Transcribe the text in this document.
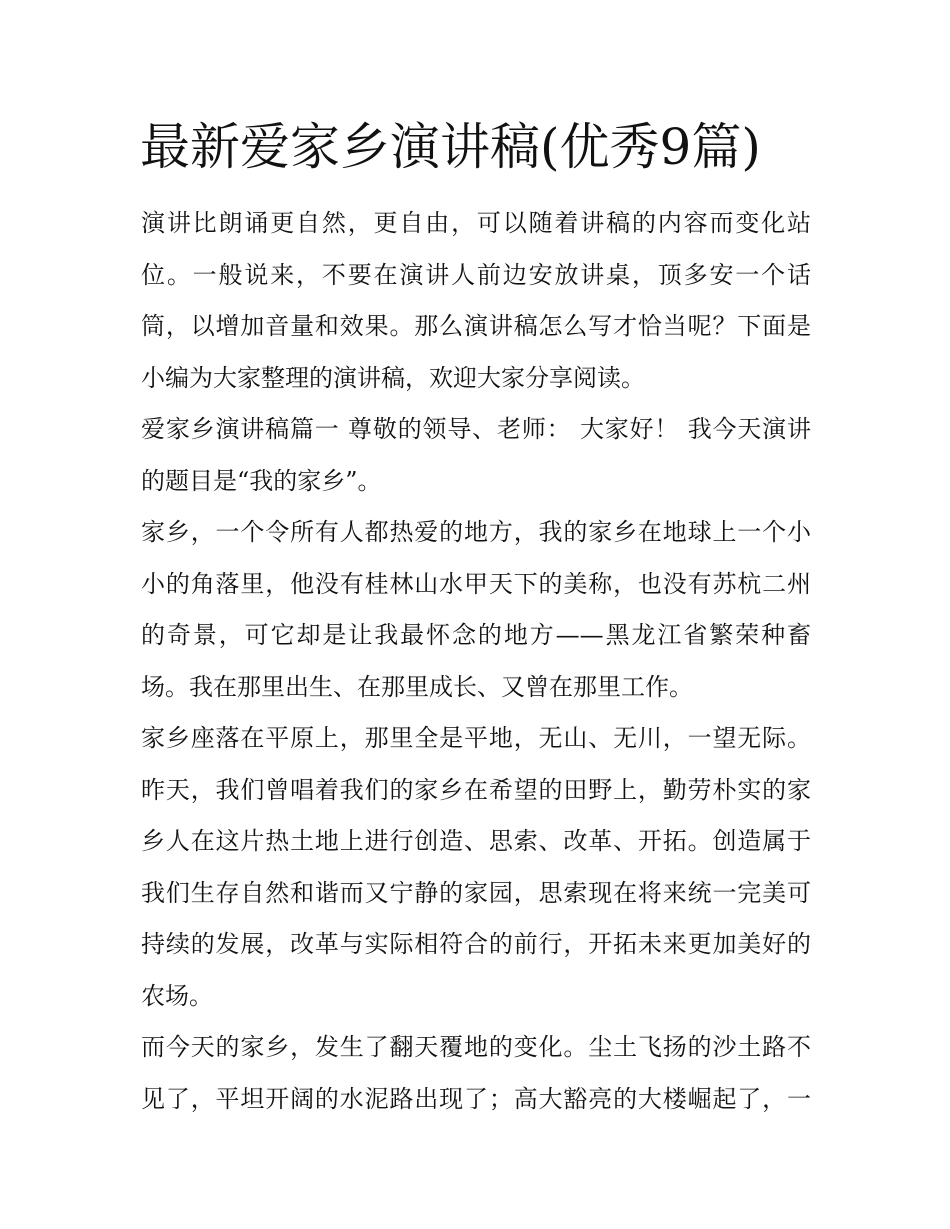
最新爱家乡演讲稿(优秀9篇)
演讲比朗诵更自然，更自由，可以随着讲稿的内容而变化站
位。一般说来，不要在演讲人前边安放讲桌，顶多安一个话
筒，以增加音量和效果。那么演讲稿怎么写才恰当呢？下面是
小编为大家整理的演讲稿，欢迎大家分享阅读。
爱家乡演讲稿篇一 尊敬的领导、老师： 大家好！ 我今天演讲
的题目是“我的家乡”。
家乡，一个令所有人都热爱的地方，我的家乡在地球上一个小
小的角落里，他没有桂林山水甲天下的美称，也没有苏杭二州
的奇景，可它却是让我最怀念的地方——黑龙江省繁荣种畜
场。我在那里出生、在那里成长、又曾在那里工作。
家乡座落在平原上，那里全是平地，无山、无川，一望无际。
昨天，我们曾唱着我们的家乡在希望的田野上，勤劳朴实的家
乡人在这片热土地上进行创造、思索、改革、开拓。创造属于
我们生存自然和谐而又宁静的家园，思索现在将来统一完美可
持续的发展，改革与实际相符合的前行，开拓未来更加美好的
农场。
而今天的家乡，发生了翻天覆地的变化。尘土飞扬的沙土路不
见了，平坦开阔的水泥路出现了；高大豁亮的大楼崛起了，一
